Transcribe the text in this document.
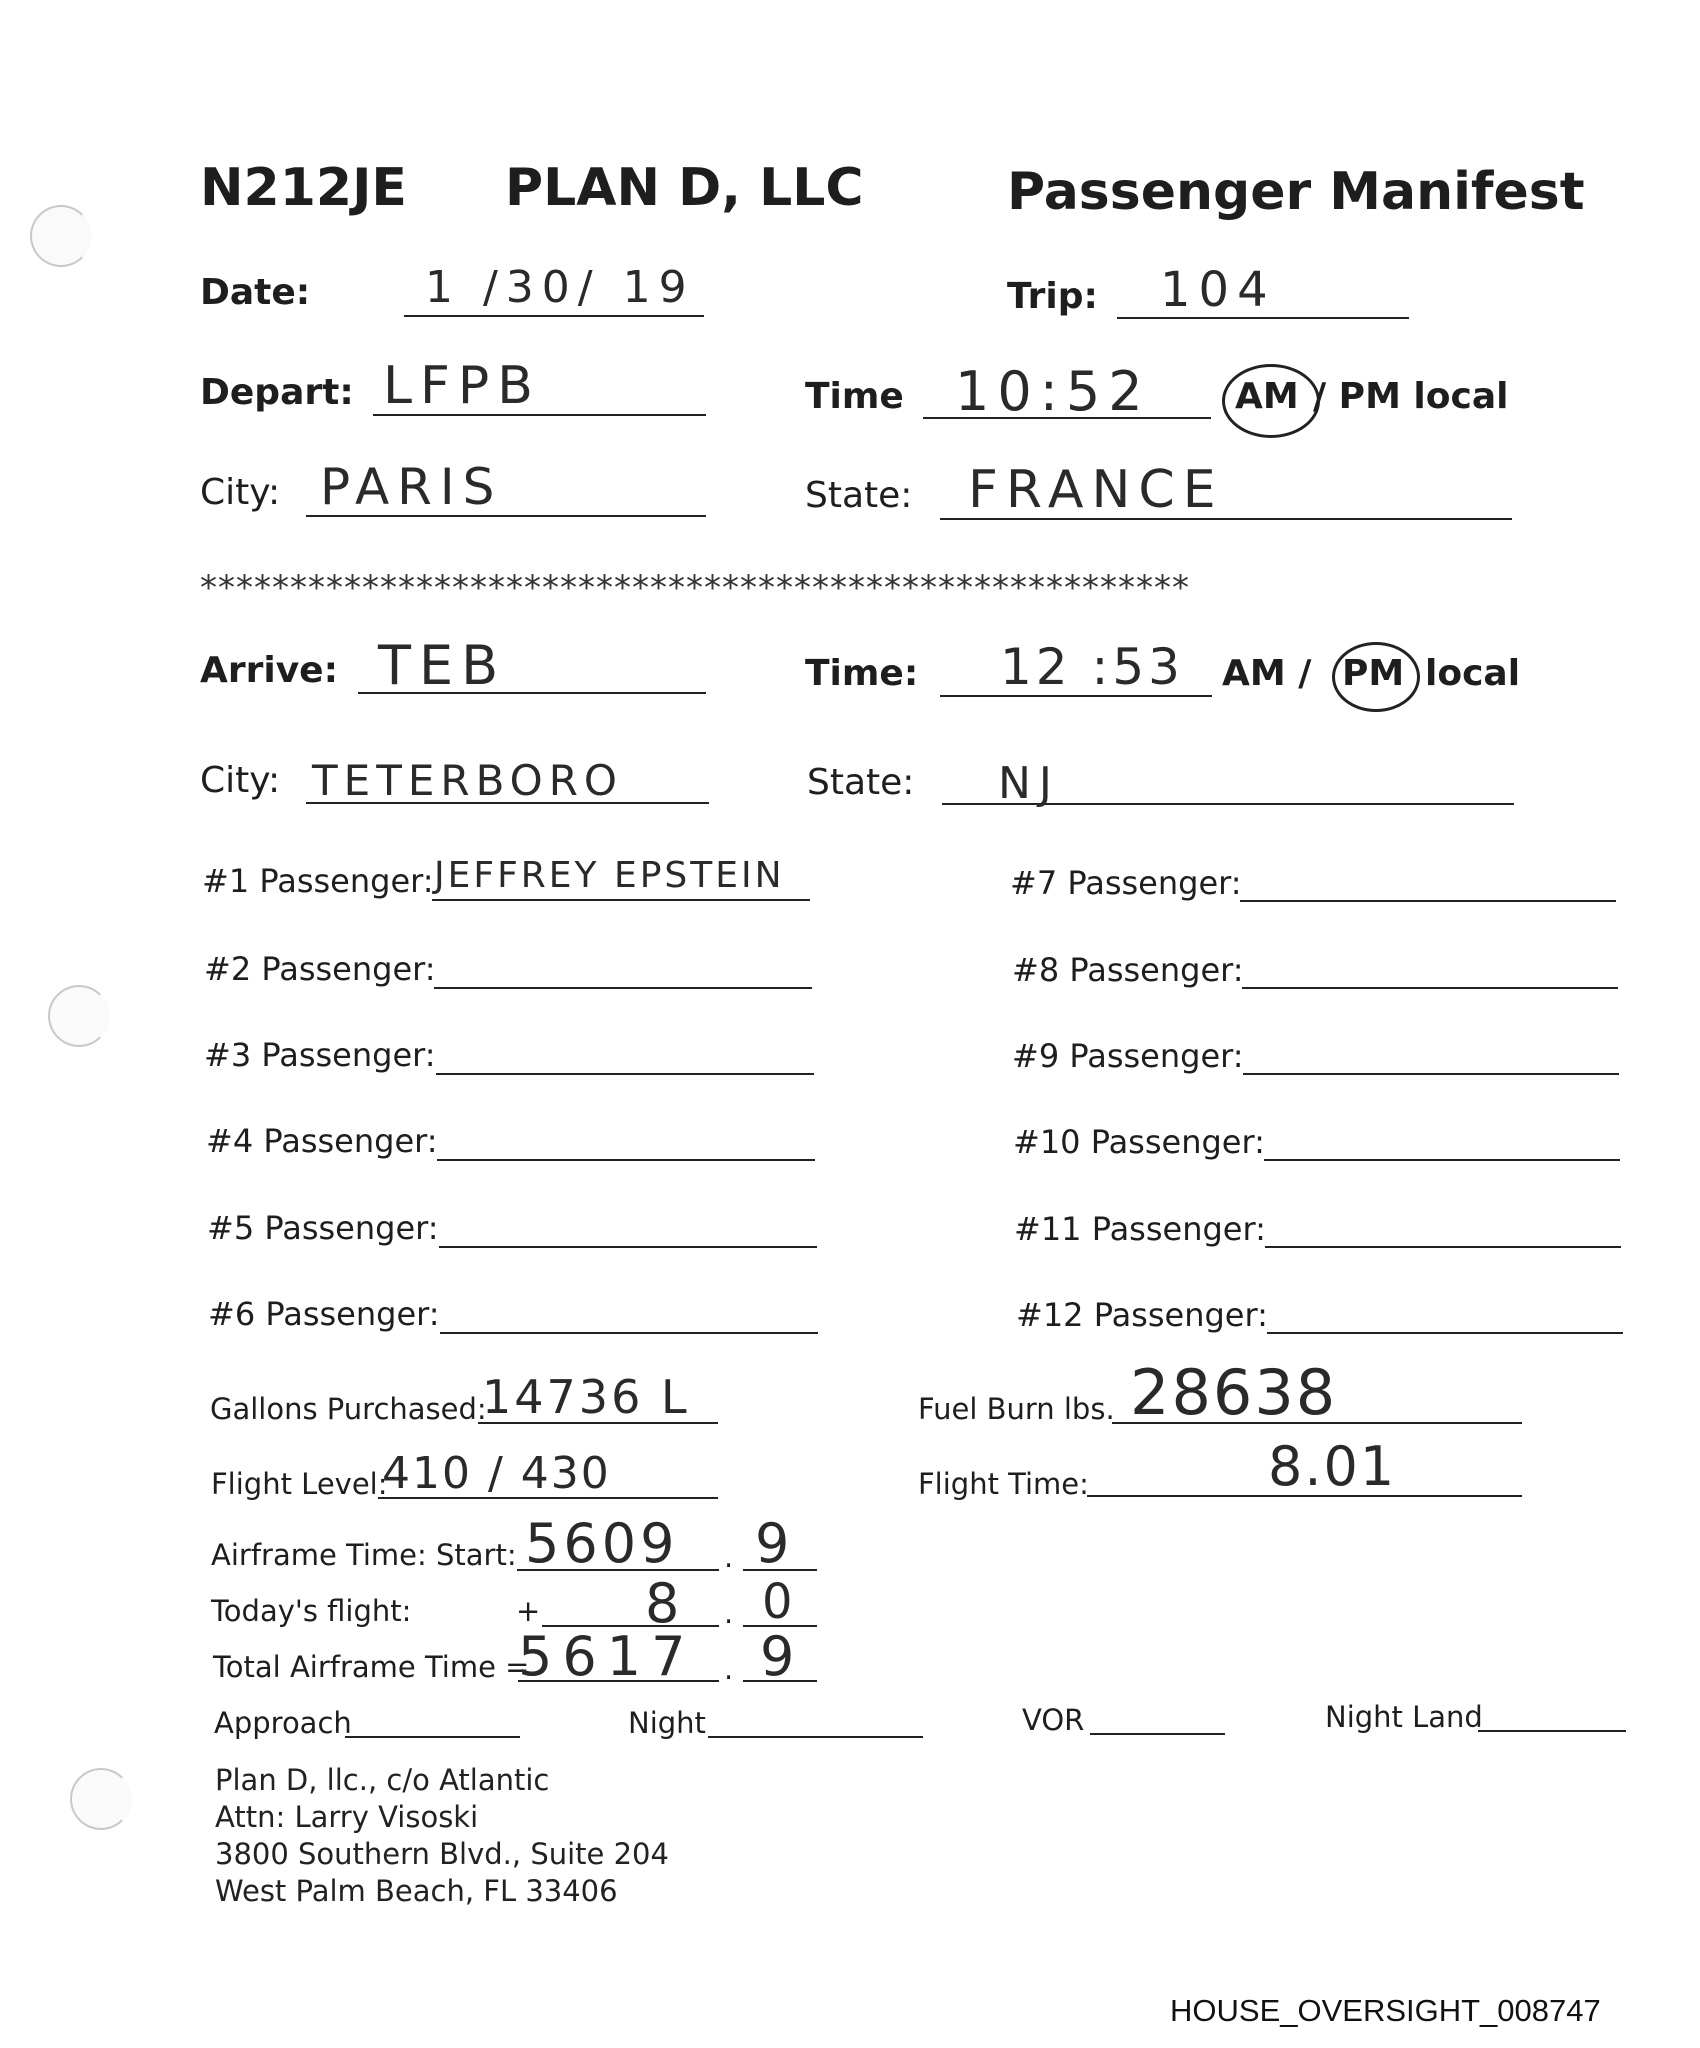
N212JE PLAN D, LLC	Passenger Manifest
Date:	1 /30/ 19	Trip: 104
Depart: LFPB	Time 10:52 AM / PM local
City: PARIS	State: FRANCE
*******************************************************
Arrive: TEB	Time: 12 :53 AM / PM local
City: TETERBORO	State: NJ
#1 Passenger: JEFFREY EPSTEIN
#2 Passenger:
#3 Passenger:
#4 Passenger:
#5 Passenger:
#6 Passenger:
#7 Passenger:
#8 Passenger:
#9 Passenger:
#10 Passenger:
#11 Passenger:
#12 Passenger:
Gallons Purchased:
14736 L	Fuel Burn lbs. 28638
Flight Level:
410 / 430	Flight Time:	8.01
Airframe Time: Start: 5609 . 9
Today's flight:	+ 8 . 0
Total Airframe Time =
5617 . 9
Approach	Night	VOR	Night Land
Plan D, llc., c/o Atlantic
Attn: Larry Visoski
3800 Southern Blvd., Suite 204
West Palm Beach, FL 33406
HOUSE_OVERSIGHT_008747
